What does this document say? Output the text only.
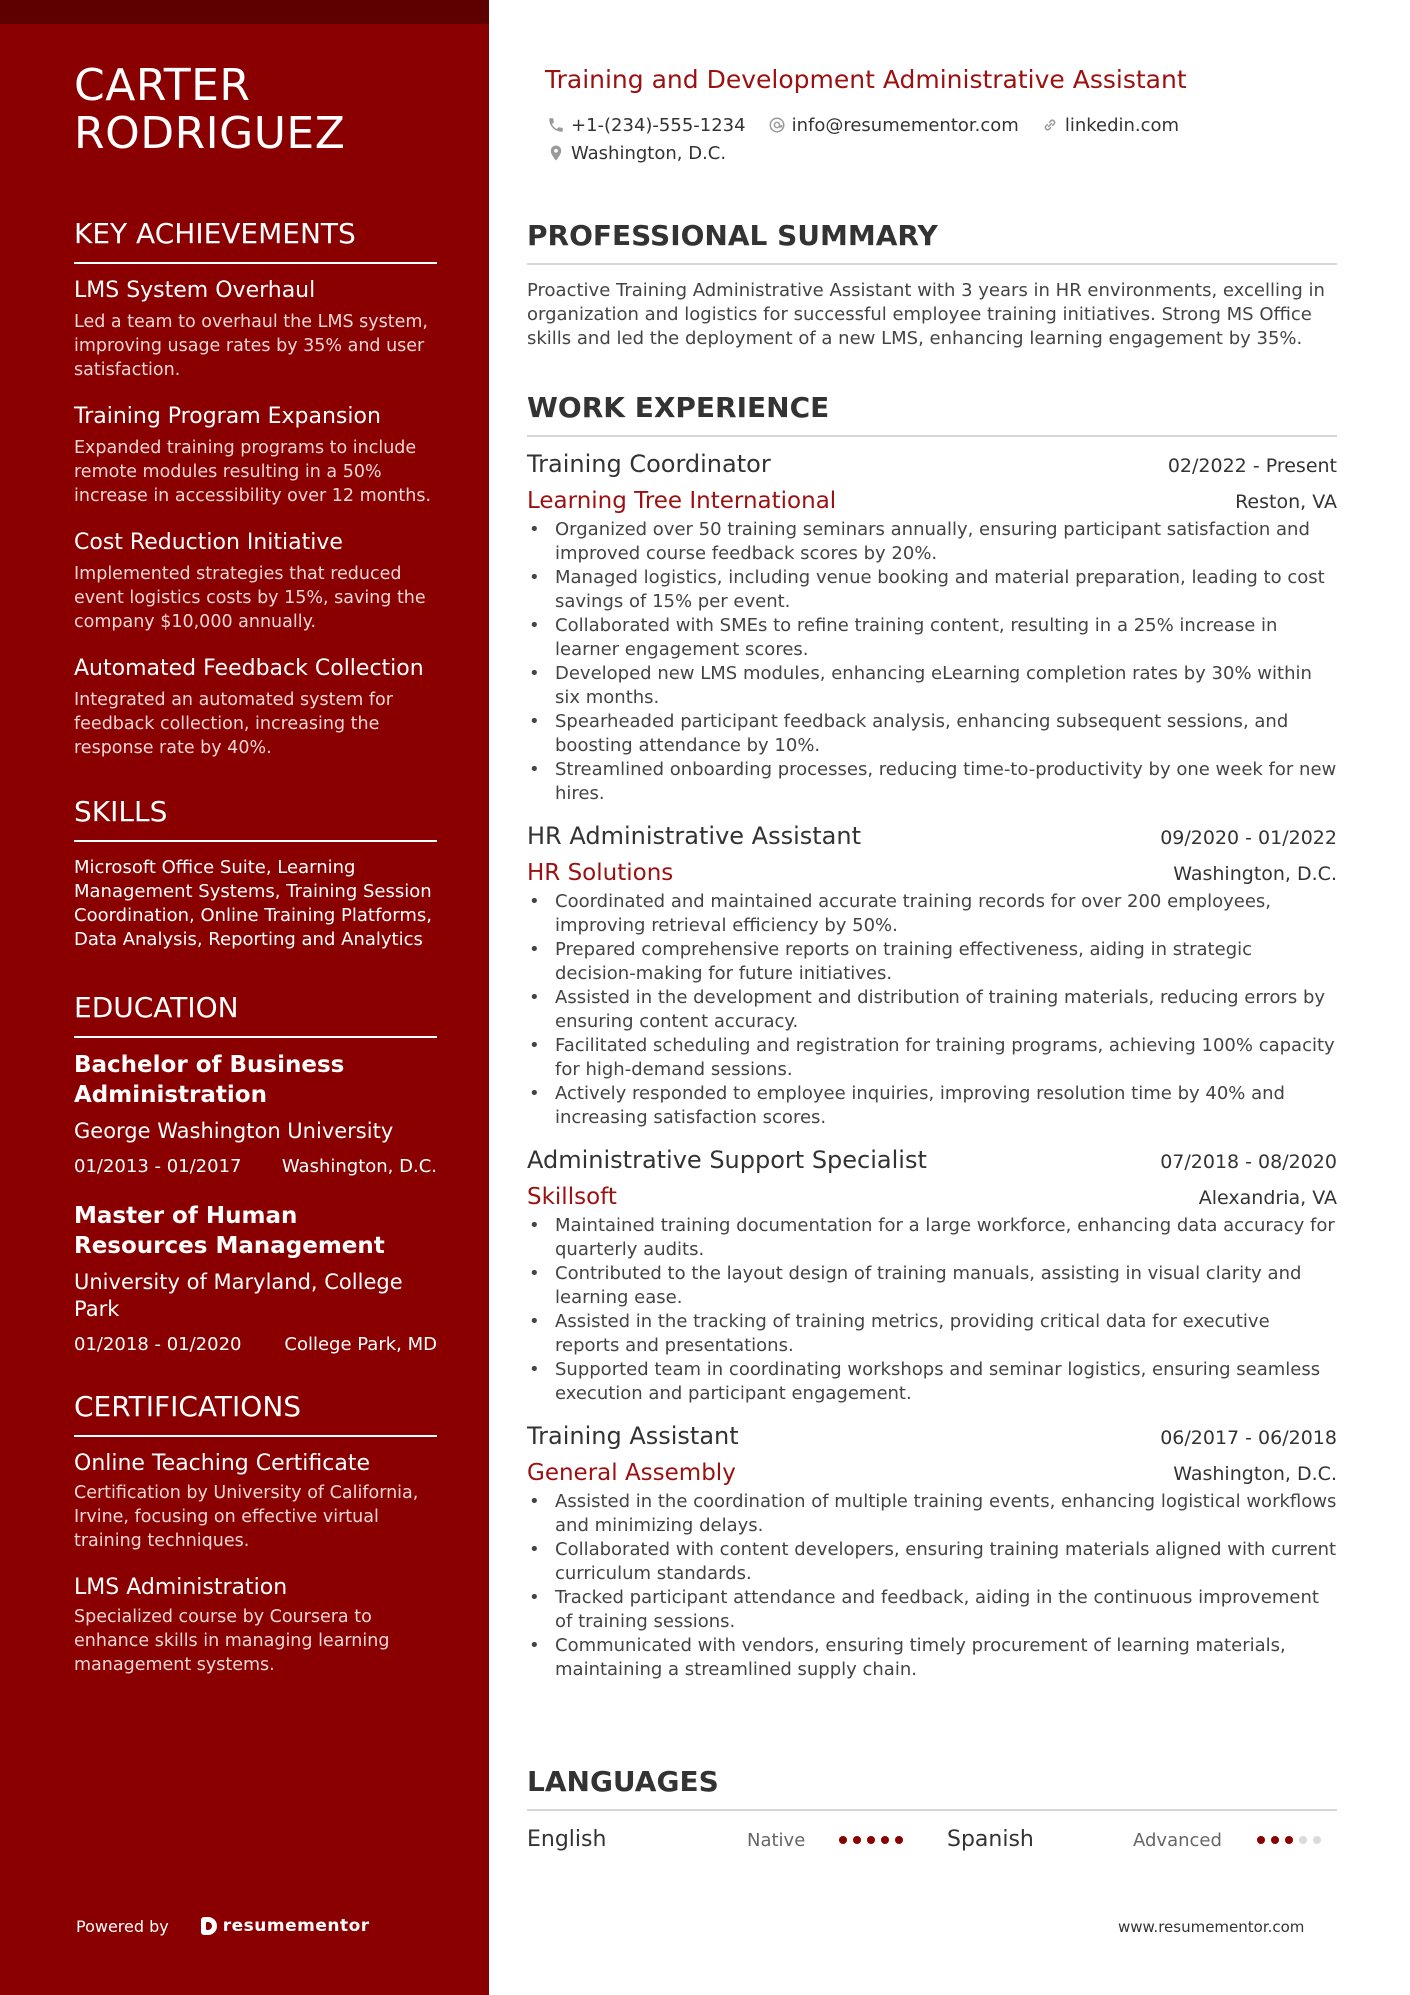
CARTER
RODRIGUEZ
KEY ACHIEVEMENTS
LMS System Overhaul
Led a team to overhaul the LMS system, improving usage rates by 35% and user satisfaction.
Training Program Expansion
Expanded training programs to include remote modules resulting in a 50% increase in accessibility over 12 months.
Cost Reduction Initiative
Implemented strategies that reduced event logistics costs by 15%, saving the company $10,000 annually.
Automated Feedback Collection
Integrated an automated system for feedback collection, increasing the response rate by 40%.
SKILLS

Microsoft Office Suite, Learning Management Systems, Training Session Coordination, Online Training Platforms, Data Analysis, Reporting and Analytics

EDUCATION
Bachelor of Business Administration
George Washington University
01/2013 - 01/2017 Washington, D.C.
Master of Human Resources Management
University of Maryland, College Park
01/2018 - 01/2020 College Park, MD
CERTIFICATIONS
Online Teaching Certificate
Certification by University of California, Irvine, focusing on effective virtual training techniques.
LMS Administration
Specialized course by Coursera to enhance skills in managing learning management systems.
Powered by	resumementor
Training and Development Administrative Assistant
+1-(234)-555-1234	info@resumementor.com	linkedin.com
Washington, D.C.
PROFESSIONAL SUMMARY

Proactive Training Administrative Assistant with 3 years in HR environments, excelling in organization and logistics for successful employee training initiatives. Strong MS Office skills and led the deployment of a new LMS, enhancing learning engagement by 35%.

WORK EXPERIENCE
Training Coordinator	02/2022 - Present
Learning Tree International	Reston, VA
• Organized over 50 training seminars annually, ensuring participant satisfaction and improved course feedback scores by 20%.
• Managed logistics, including venue booking and material preparation, leading to cost savings of 15% per event.
• Collaborated with SMEs to refine training content, resulting in a 25% increase in learner engagement scores.
• Developed new LMS modules, enhancing eLearning completion rates by 30% within six months.
• Spearheaded participant feedback analysis, enhancing subsequent sessions, and boosting attendance by 10%.
• Streamlined onboarding processes, reducing time-to-productivity by one week for new hires.
HR Administrative Assistant	09/2020 - 01/2022
HR Solutions	Washington, D.C.
• Coordinated and maintained accurate training records for over 200 employees, improving retrieval efficiency by 50%.
• Prepared comprehensive reports on training effectiveness, aiding in strategic decision-making for future initiatives.
• Assisted in the development and distribution of training materials, reducing errors by ensuring content accuracy.
• Facilitated scheduling and registration for training programs, achieving 100% capacity for high-demand sessions.
• Actively responded to employee inquiries, improving resolution time by 40% and increasing satisfaction scores.
Administrative Support Specialist	07/2018 - 08/2020
Skillsoft	Alexandria, VA
• Maintained training documentation for a large workforce, enhancing data accuracy for quarterly audits.
• Contributed to the layout design of training manuals, assisting in visual clarity and learning ease.
• Assisted in the tracking of training metrics, providing critical data for executive reports and presentations.
• Supported team in coordinating workshops and seminar logistics, ensuring seamless execution and participant engagement.
Training Assistant	06/2017 - 06/2018
General Assembly	Washington, D.C.
• Assisted in the coordination of multiple training events, enhancing logistical workflows and minimizing delays.
• Collaborated with content developers, ensuring training materials aligned with current curriculum standards.
• Tracked participant attendance and feedback, aiding in the continuous improvement of training sessions.
• Communicated with vendors, ensuring timely procurement of learning materials, maintaining a streamlined supply chain.
LANGUAGES
English	Native	Spanish	Advanced
www.resumementor.com
